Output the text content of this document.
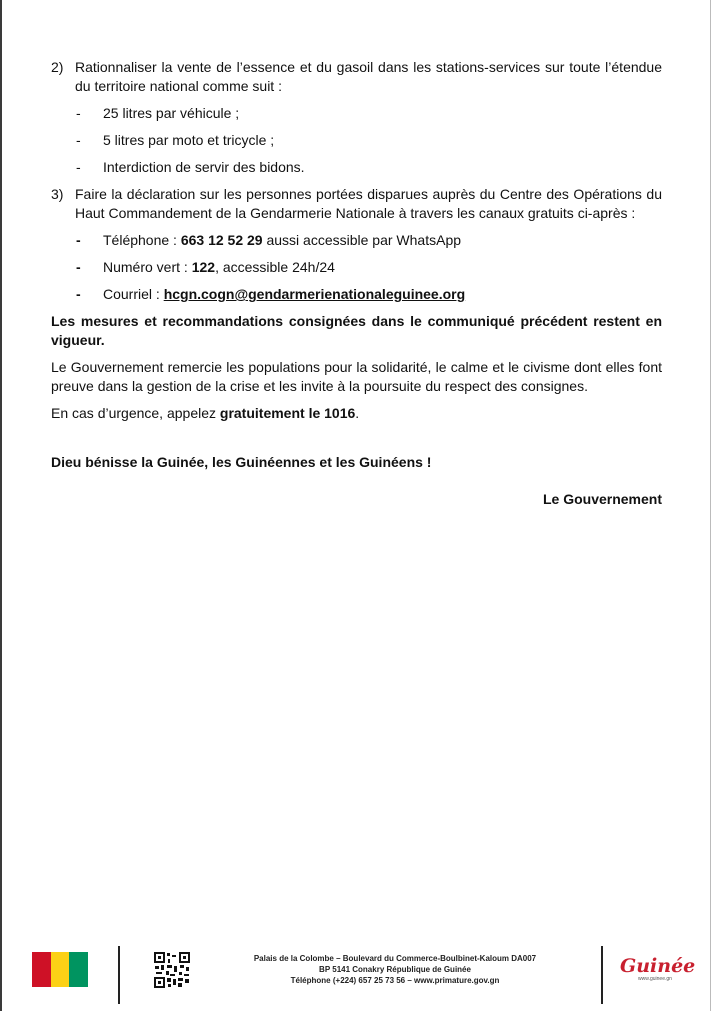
2) Rationnaliser la vente de l’essence et du gasoil dans les stations-services sur toute l’étendue du territoire national comme suit :
-	25 litres par véhicule ;
-	5 litres par moto et tricycle ;
-	Interdiction de servir des bidons.
3) Faire la déclaration sur les personnes portées disparues auprès du Centre des Opérations du Haut Commandement de la Gendarmerie Nationale à travers les canaux gratuits ci-après :
-	Téléphone : 663 12 52 29 aussi accessible par WhatsApp
-	Numéro vert : 122, accessible 24h/24
-	Courriel : hcgn.cogn@gendarmerienationaleguinee.org

Les mesures et recommandations consignées dans le communiqué précédent restent en vigueur.

Le Gouvernement remercie les populations pour la solidarité, le calme et le civisme dont elles font preuve dans la gestion de la crise et les invite à la poursuite du respect des consignes.

En cas d’urgence, appelez gratuitement le 1016.

Dieu bénisse la Guinée, les Guinéennes et les Guinéens !

Le Gouvernement
Palais de la Colombe – Boulevard du Commerce-Boulbinet-Kaloum DA007
BP 5141 Conakry République de Guinée
Téléphone (+224) 657 25 73 56 – www.primature.gov.gn
Guinée
www.guinee.gn
